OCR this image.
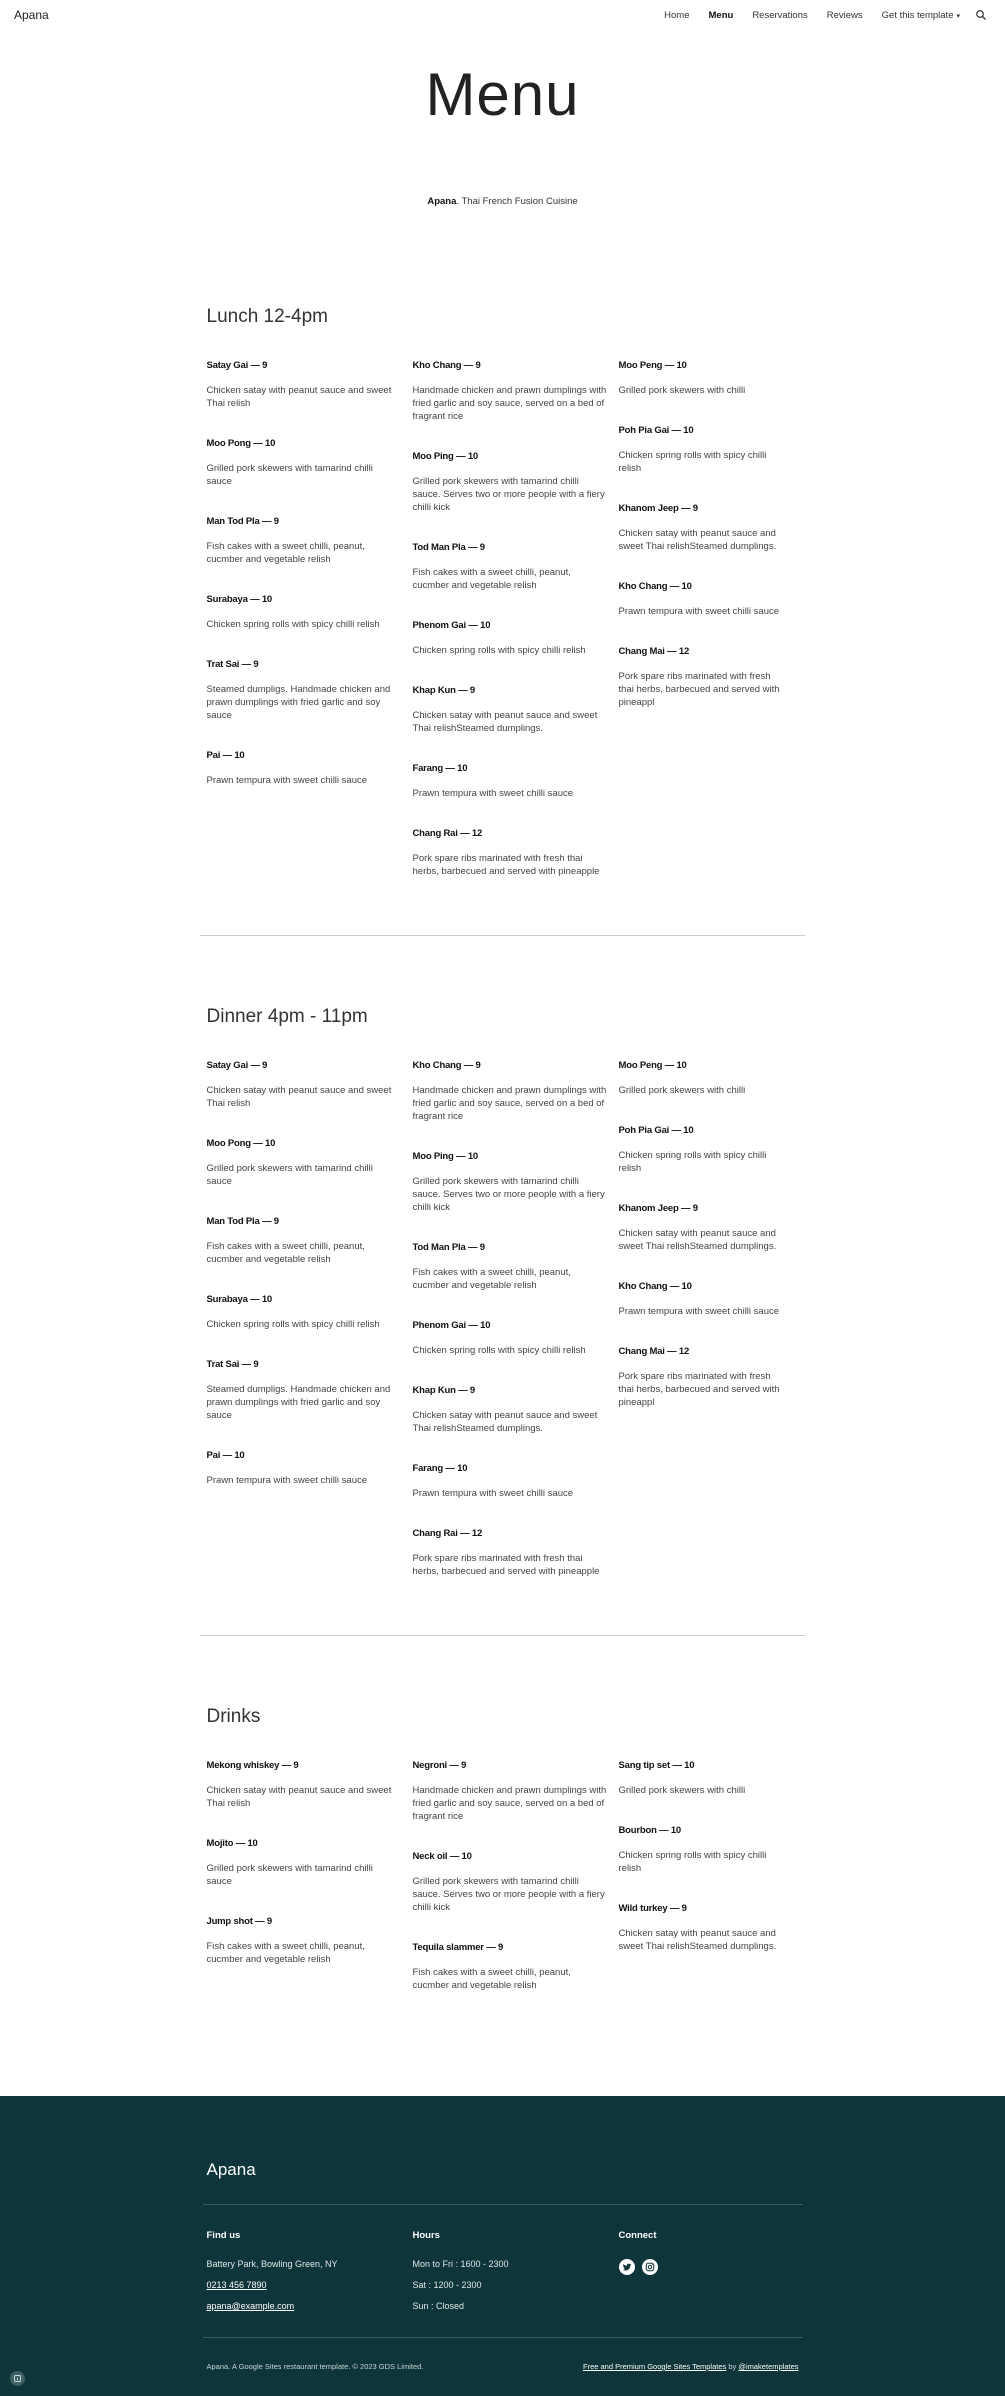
Apana	Home Menu Reservations Reviews Get this template ▾
Menu
Apana. Thai French Fusion Cuisine
Lunch 12-4pm
Satay Gai — 9
Chicken satay with peanut sauce and sweet Thai relish
Moo Pong — 10
Grilled pork skewers with tamarind chilli sauce
Man Tod Pla — 9
Fish cakes with a sweet chilli, peanut, cucmber and vegetable relish
Surabaya — 10
Chicken spring rolls with spicy chilli relish
Trat Sai — 9
Steamed dumpligs. Handmade chicken and prawn dumplings with fried garlic and soy sauce
Pai — 10
Prawn tempura with sweet chilli sauce
Kho Chang — 9
Handmade chicken and prawn dumplings with fried garlic and soy sauce, served on a bed of fragrant rice
Moo Ping — 10
Grilled pork skewers with tamarind chilli sauce. Serves two or more people with a fiery chilli kick
Tod Man Pla — 9
Fish cakes with a sweet chilli, peanut, cucmber and vegetable relish
Phenom Gai — 10
Chicken spring rolls with spicy chilli relish
Khap Kun — 9
Chicken satay with peanut sauce and sweet Thai relishSteamed dumplings.
Farang — 10
Prawn tempura with sweet chilli sauce
Chang Rai — 12
Pork spare ribs marinated with fresh thai herbs, barbecued and served with pineapple
Moo Peng — 10
Grilled pork skewers with chilli
Poh Pia Gai — 10
Chicken spring rolls with spicy chilli relish
Khanom Jeep — 9
Chicken satay with peanut sauce and sweet Thai relishSteamed dumplings.
Kho Chang — 10
Prawn tempura with sweet chilli sauce
Chang Mai — 12
Pork spare ribs marinated with fresh thai herbs, barbecued and served with pineappl
Dinner 4pm - 11pm
Satay Gai — 9
Chicken satay with peanut sauce and sweet Thai relish
Moo Pong — 10
Grilled pork skewers with tamarind chilli sauce
Man Tod Pla — 9
Fish cakes with a sweet chilli, peanut, cucmber and vegetable relish
Surabaya — 10
Chicken spring rolls with spicy chilli relish
Trat Sai — 9
Steamed dumpligs. Handmade chicken and prawn dumplings with fried garlic and soy sauce
Pai — 10
Prawn tempura with sweet chilli sauce
Kho Chang — 9
Handmade chicken and prawn dumplings with fried garlic and soy sauce, served on a bed of fragrant rice
Moo Ping — 10
Grilled pork skewers with tamarind chilli sauce. Serves two or more people with a fiery chilli kick
Tod Man Pla — 9
Fish cakes with a sweet chilli, peanut, cucmber and vegetable relish
Phenom Gai — 10
Chicken spring rolls with spicy chilli relish
Khap Kun — 9
Chicken satay with peanut sauce and sweet Thai relishSteamed dumplings.
Farang — 10
Prawn tempura with sweet chilli sauce
Chang Rai — 12
Pork spare ribs marinated with fresh thai herbs, barbecued and served with pineapple
Moo Peng — 10
Grilled pork skewers with chilli
Poh Pia Gai — 10
Chicken spring rolls with spicy chilli relish
Khanom Jeep — 9
Chicken satay with peanut sauce and sweet Thai relishSteamed dumplings.
Kho Chang — 10
Prawn tempura with sweet chilli sauce
Chang Mai — 12
Pork spare ribs marinated with fresh thai herbs, barbecued and served with pineappl
Drinks
Mekong whiskey — 9
Chicken satay with peanut sauce and sweet Thai relish
Mojito — 10
Grilled pork skewers with tamarind chilli sauce
Jump shot — 9
Fish cakes with a sweet chilli, peanut, cucmber and vegetable relish
Negroni — 9
Handmade chicken and prawn dumplings with fried garlic and soy sauce, served on a bed of fragrant rice
Neck oil — 10
Grilled pork skewers with tamarind chilli sauce. Serves two or more people with a fiery chilli kick
Tequila slammer — 9
Fish cakes with a sweet chilli, peanut, cucmber and vegetable relish
Sang tip set — 10
Grilled pork skewers with chilli
Bourbon — 10
Chicken spring rolls with spicy chilli relish
Wild turkey — 9
Chicken satay with peanut sauce and sweet Thai relishSteamed dumplings.
Apana
Find us

Battery Park, Bowling Green, NY

0213 456 7890

apana@example.com

Hours

Mon to Fri : 1600 - 2300

Sat : 1200 - 2300

Sun : Closed

Connect
Apana. A Google Sites restaurant template. © 2023 GDS Limited.	Free and Premium Google Sites Templates by @imaketemplates
